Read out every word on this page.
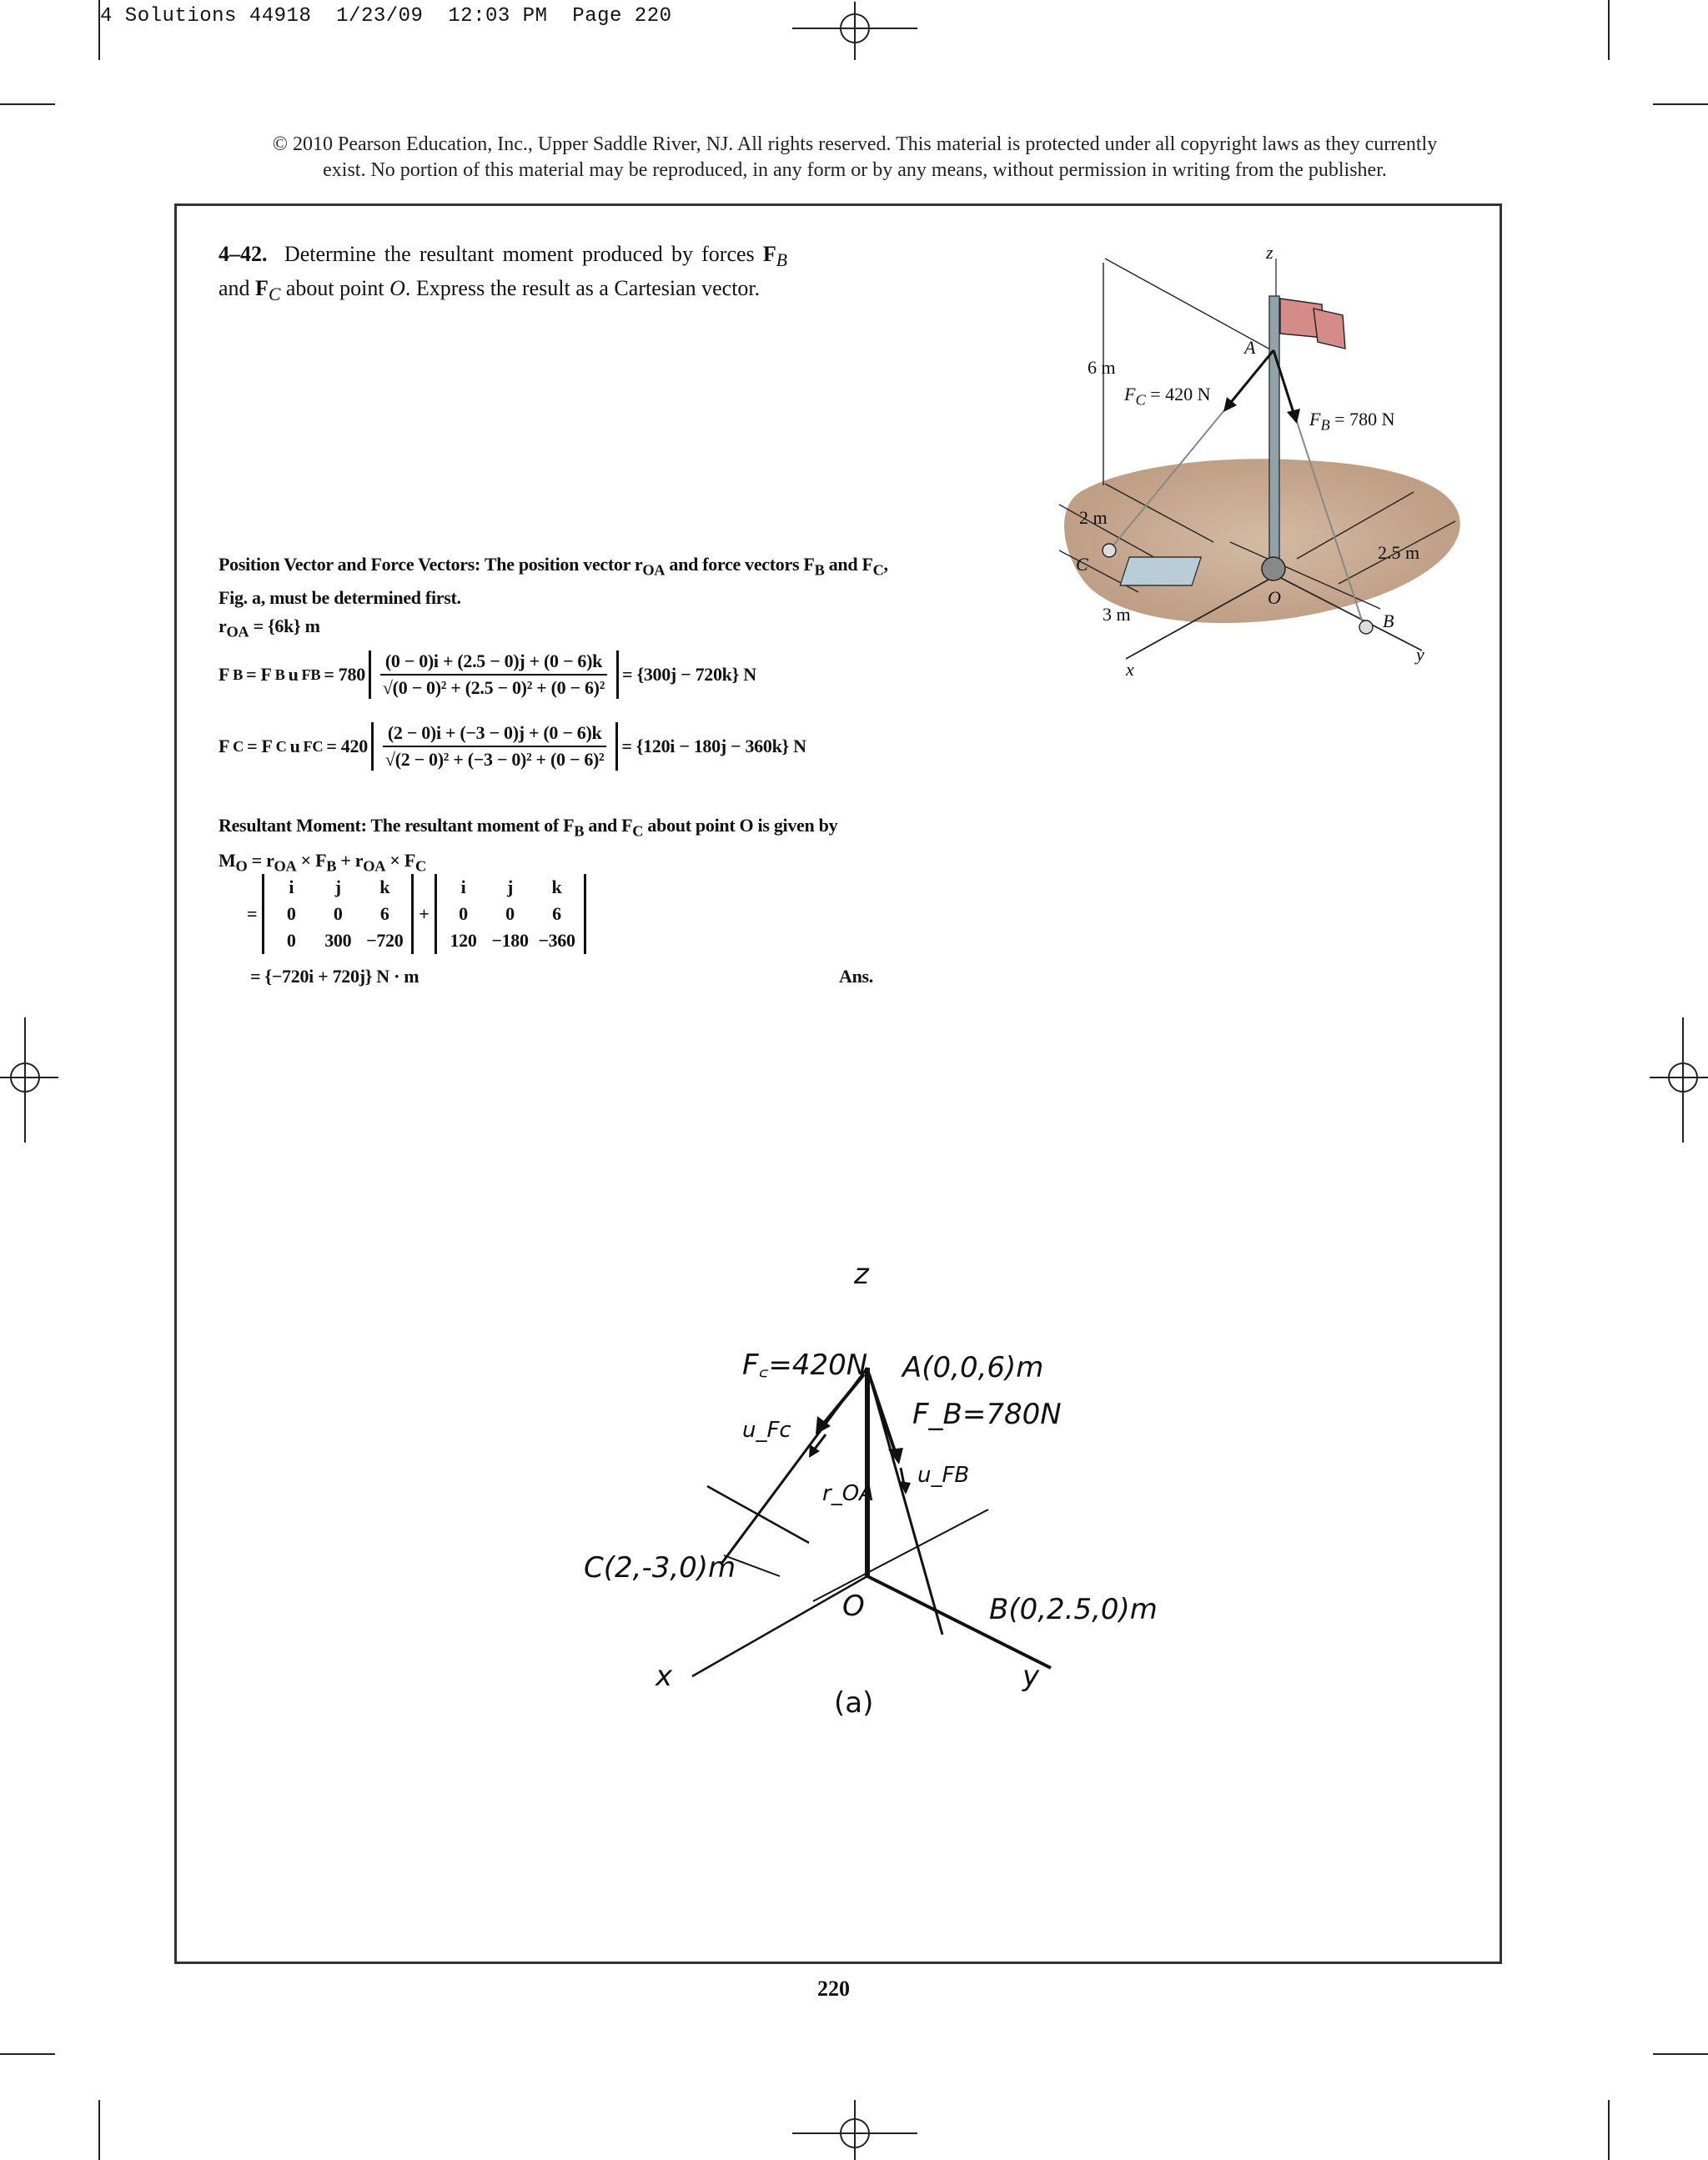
4 Solutions 44918  1/23/09  12:03 PM  Page 220
© 2010 Pearson Education, Inc., Upper Saddle River, NJ. All rights reserved. This material is protected under all copyright laws as they currently
exist. No portion of this material may be reproduced, in any form or by any means, without permission in writing from the publisher.
4–42. Determine the resultant moment produced by forces $F_B$ and $F_C$ about point O. Express the result as a Cartesian vector.
Position Vector and Force Vectors: The position vector $r_{OA}$ and force vectors $F_B$ and $F_C$,
Fig. a, must be determined first.
$r_{OA} = \{6k\}$ m
F B = F B u FB = $780 \frac{(0 - 0)i + (2.5 - 0)j + (0 - 6)k}{\text{√(0 − 0)² + (2.5 − 0)² + (0 − 6)²}} = \{300j - 720k\}$ N
F C = F C u FC = $420 \frac{(2 - 0)i + (-3 - 0)j + (0 - 6)k}{\text{√(2 − 0)² + (−3 − 0)² + (0 − 6)²}} = \{120i - 180j - 360k\}$ N
Resultant Moment: The resultant moment of $F_B$ and $F_C$ about point O is given by
$M_O = r_{OA} \times F_B + r_{OA} \times F_C$
=
i	j	k
0	0	6
0	300 −720
+
i	j	k
0	0	6
120 −180 −360
= {−720i + 720j} N · m	Ans.
z
A
6 m
$F_C = 420$ N
$F_B = 780$ N
2 m
C
O
2.5 m
3 m	B
x
y
z
F꜀=420N A(0,0,6)m
F_B=780N
u_Fc
u_FB
r_OA
C(2,-3,0)m
O	B(0,2.5,0)m
x	y
(a)
220
